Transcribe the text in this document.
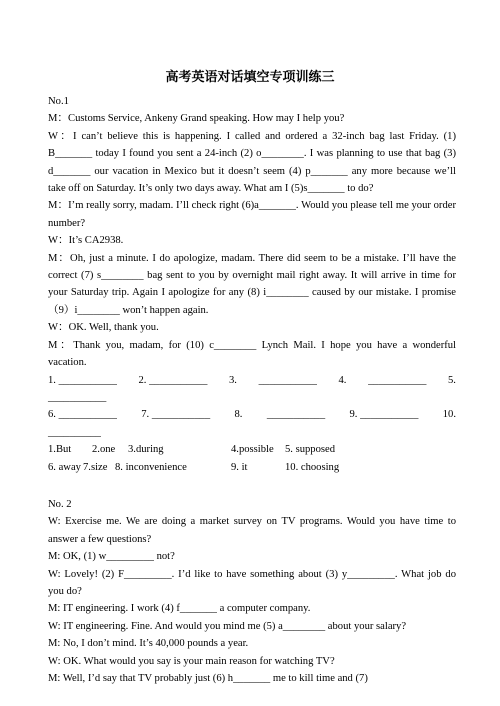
高考英语对话填空专项训练三

No.1

M：Customs Service, Ankeny Grand speaking. How may I help you?

W：I can’t believe this is happening. I called and ordered a 32-inch bag last Friday. (1) B_______ today I found you sent a 24-inch (2) o________. I was planning to use that bag (3) d_______ our vacation in Mexico but it doesn’t seem (4) p_______ any more because we’ll take off on Saturday. It’s only two days away. What am I (5)s_______ to do?

M：I’m really sorry, madam. I’ll check right (6)a_______. Would you please tell me your order number?

W：It’s CA2938.

M：Oh, just a minute. I do apologize, madam. There did seem to be a mistake. I’ll have the correct (7) s________ bag sent to you by overnight mail right away. It will arrive in time for your Saturday trip. Again I apologize for any (8) i________ caused by our mistake. I promise（9）i________ won’t happen again.

W：OK. Well, thank you.

M：Thank you, madam, for (10) c________ Lynch Mail. I hope you have a wonderful vacation.

1. ___________ 2. ___________ 3. ___________ 4. ___________ 5.

___________

6. ___________ 7. ___________ 8. ___________ 9. ___________ 10.

__________

1.But	2.one	3.during	4.possible	5. supposed
6. away 7.size 8. inconvenience	9. it	10. choosing

No. 2

W: Exercise me. We are doing a market survey on TV programs. Would you have time to answer a few questions?

M: OK, (1) w_________ not?

W: Lovely! (2) F_________. I’d like to have something about (3) y_________. What job do you do?

M: IT engineering. I work (4) f_______ a computer company.

W: IT engineering. Fine. And would you mind me (5) a________ about your salary?

M: No, I don’t mind. It’s 40,000 pounds a year.

W: OK. What would you say is your main reason for watching TV?

M: Well, I’d say that TV probably just (6) h_______ me to kill time and (7)
